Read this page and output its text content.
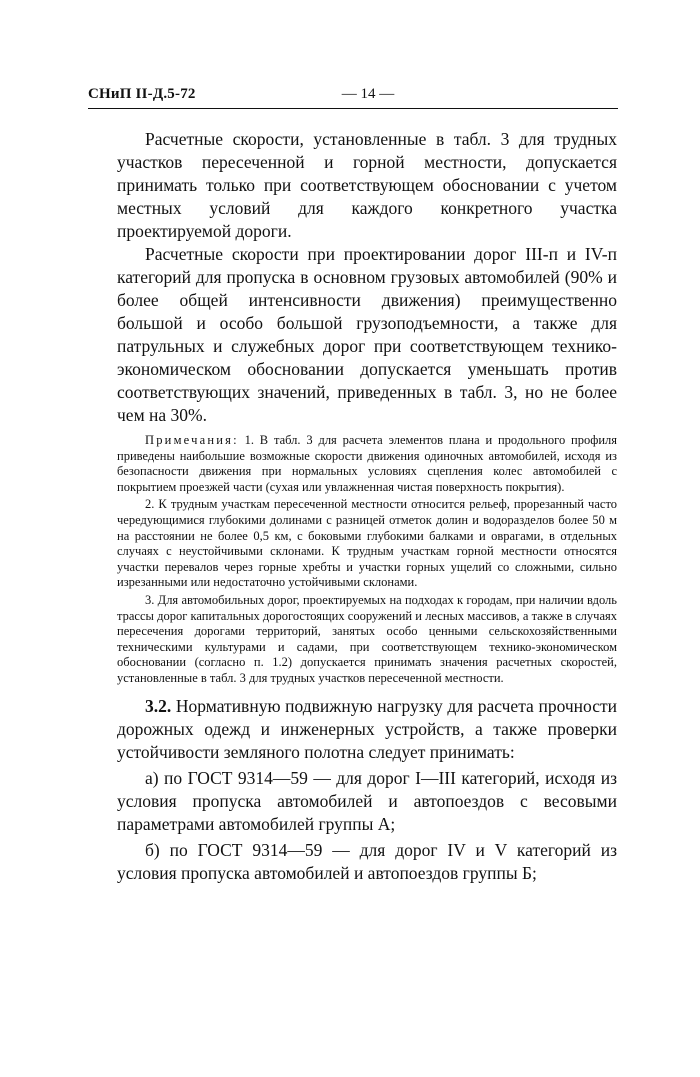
СНиП II-Д.5-72	— 14 —

Расчетные скорости, установленные в табл. 3 для трудных участков пересеченной и горной местности, допускается принимать только при соответствующем обосновании с учетом местных условий для каждого конкретного участка проектируемой дороги.

Расчетные скорости при проектировании дорог III-п и IV-п категорий для пропуска в основном грузовых автомобилей (90% и более общей интенсивности движения) преимущественно большой и особо большой грузоподъемности, а также для патрульных и служебных дорог при соответствующем технико-экономическом обосновании допускается уменьшать против соответствующих значений, приведенных в табл. 3, но не более чем на 30%.

Примечания: 1. В табл. 3 для расчета элементов плана и продольного профиля приведены наибольшие возможные скорости движения одиночных автомобилей, исходя из безопасности движения при нормальных условиях сцепления колес автомобилей с покрытием проезжей части (сухая или увлажненная чистая поверхность покрытия).

2. К трудным участкам пересеченной местности относится рельеф, прорезанный часто чередующимися глубокими долинами с разницей отметок долин и водоразделов более 50 м на расстоянии не более 0,5 км, с боковыми глубокими балками и оврагами, в отдельных случаях с неустойчивыми склонами. К трудным участкам горной местности относятся участки перевалов через горные хребты и участки горных ущелий со сложными, сильно изрезанными или недостаточно устойчивыми склонами.

3. Для автомобильных дорог, проектируемых на подходах к городам, при наличии вдоль трассы дорог капитальных дорогостоящих сооружений и лесных массивов, а также в случаях пересечения дорогами территорий, занятых особо ценными сельскохозяйственными техническими культурами и садами, при соответствующем технико-экономическом обосновании (согласно п. 1.2) допускается принимать значения расчетных скоростей, установленные в табл. 3 для трудных участков пересеченной местности.

3.2. Нормативную подвижную нагрузку для расчета прочности дорожных одежд и инженерных устройств, а также проверки устойчивости земляного полотна следует принимать:

а) по ГОСТ 9314—59 — для дорог I—III категорий, исходя из условия пропуска автомобилей и автопоездов с весовыми параметрами автомобилей группы А;

б) по ГОСТ 9314—59 — для дорог IV и V категорий из условия пропуска автомобилей и автопоездов группы Б;
